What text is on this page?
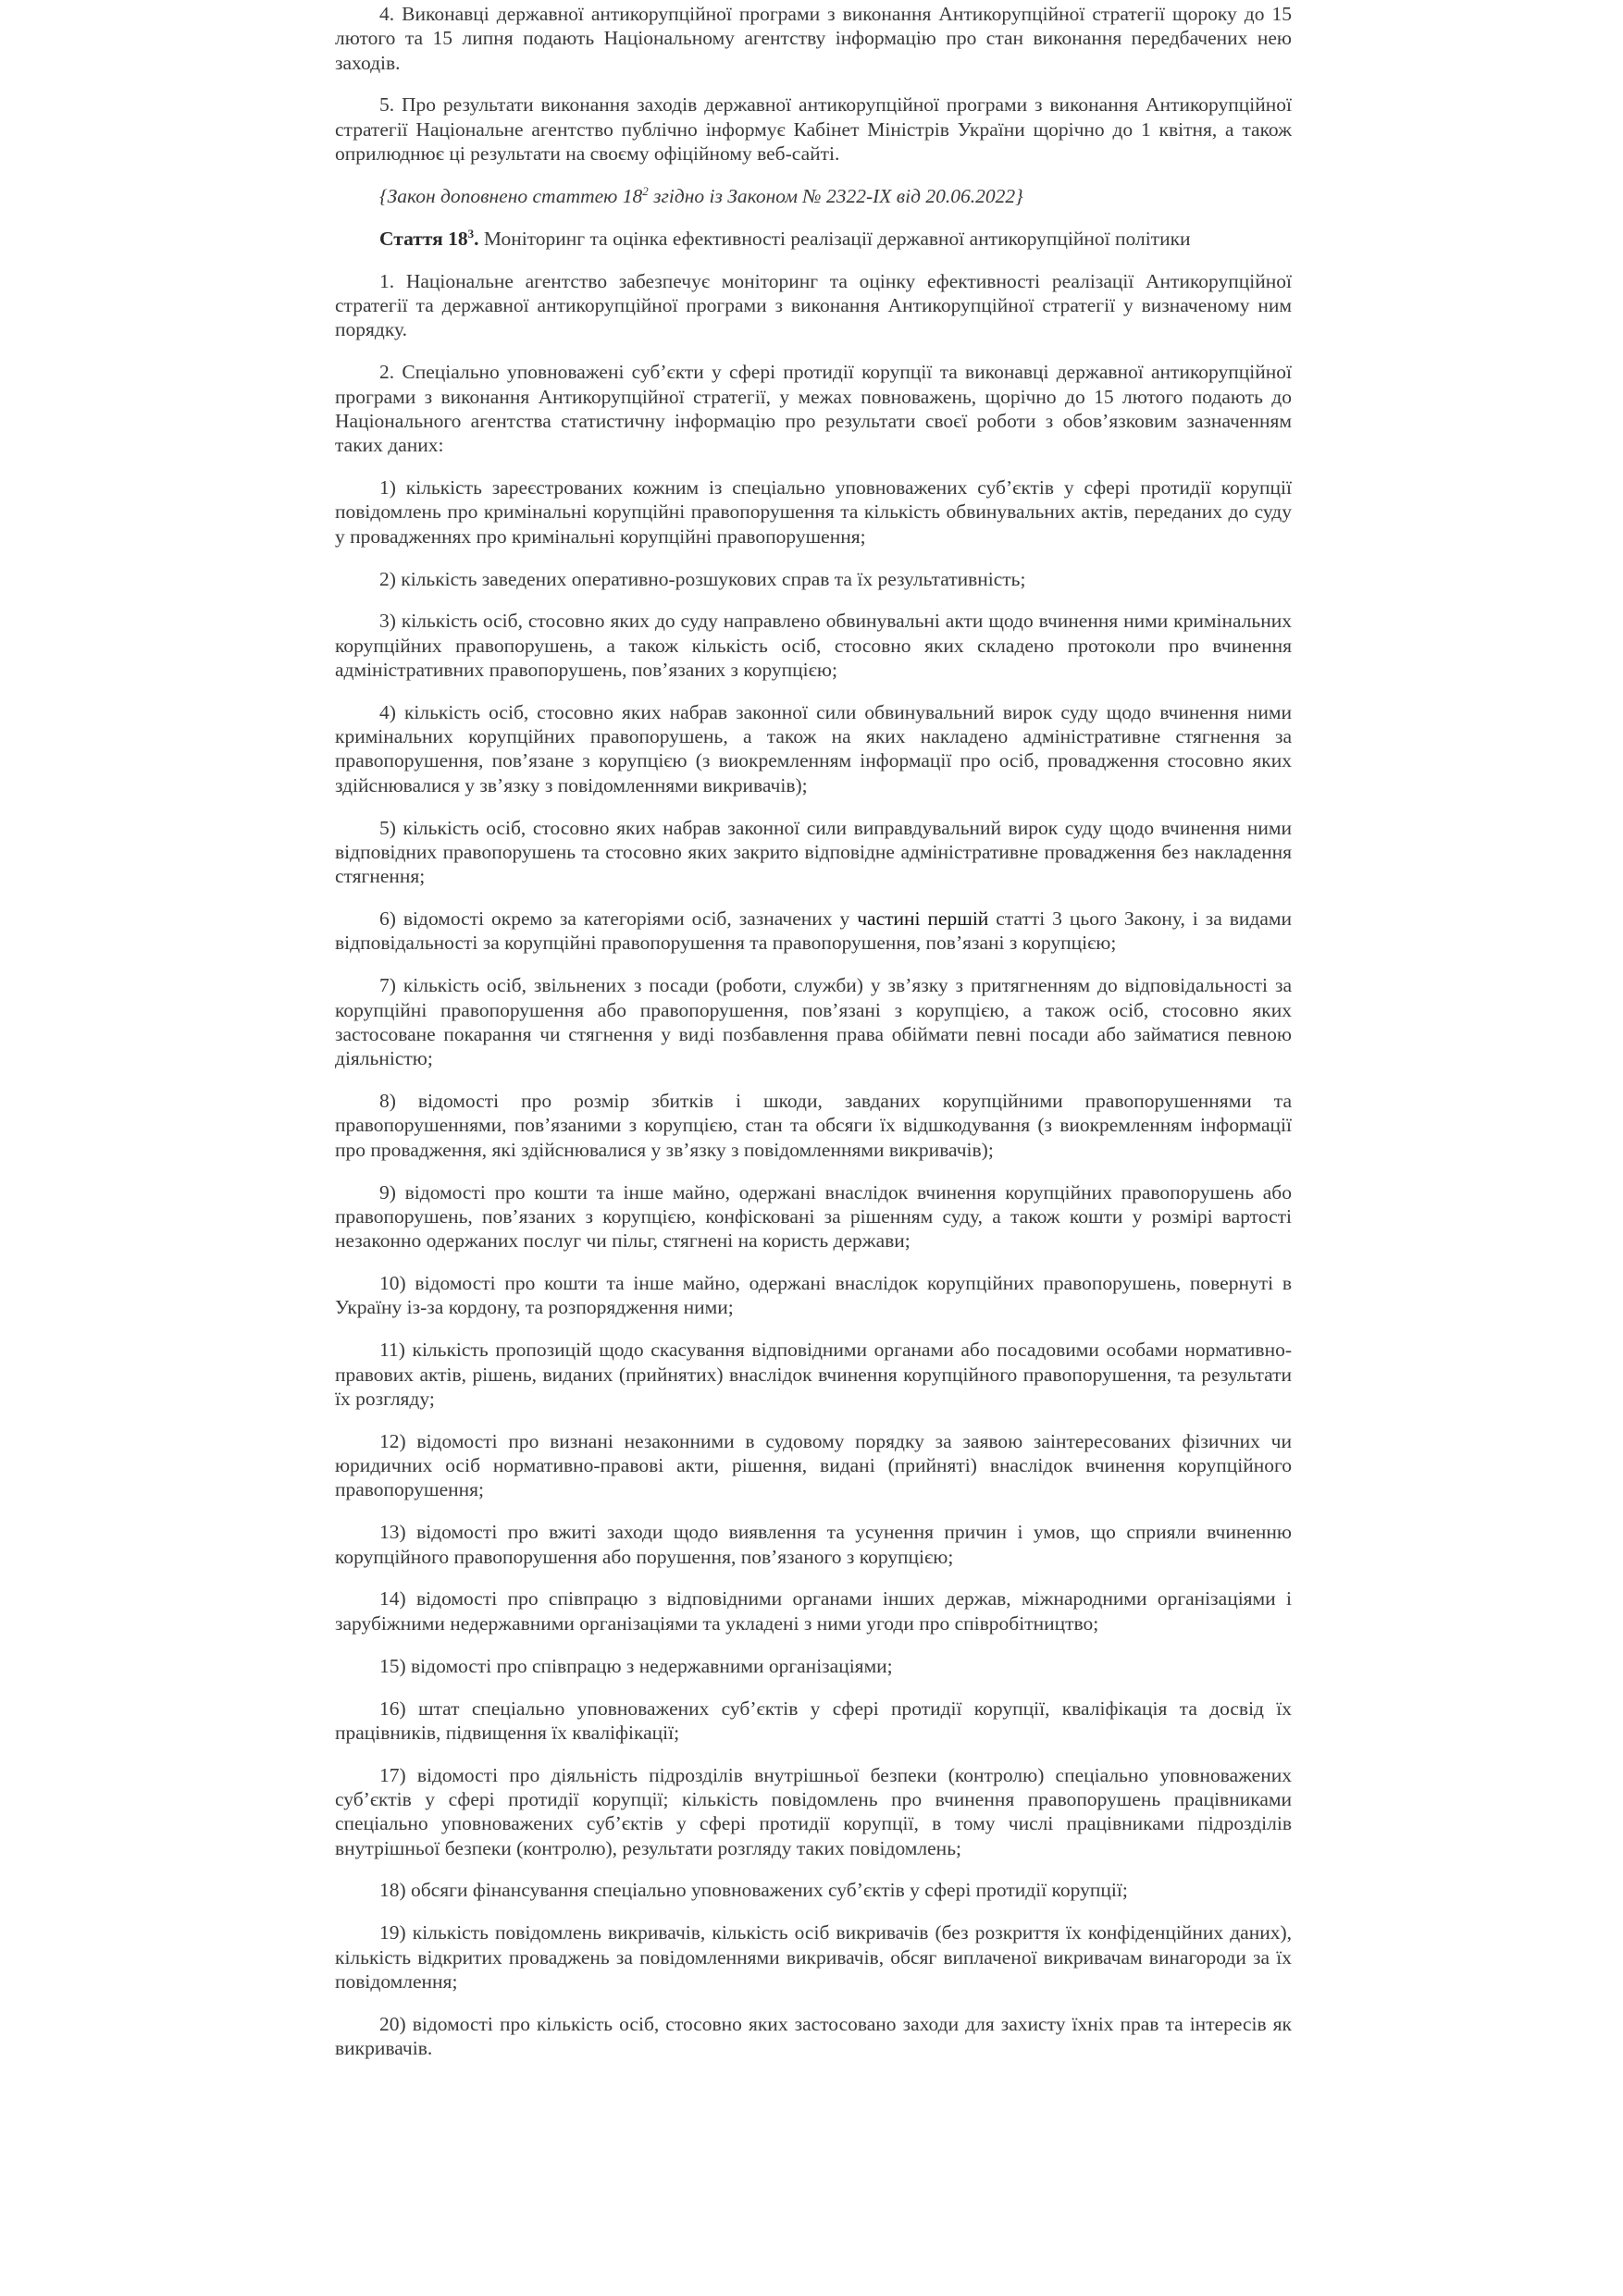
4. Виконавці державної антикорупційної програми з виконання Антикорупційної стратегії щороку до 15 лютого та 15 липня подають Національному агентству інформацію про стан виконання передбачених нею заходів.

5. Про результати виконання заходів державної антикорупційної програми з виконання Антикорупційної стратегії Національне агентство публічно інформує Кабінет Міністрів України щорічно до 1 квітня, а також оприлюднює ці результати на своєму офіційному веб-сайті.

{Закон доповнено статтею $18^2$ згідно із Законом № 2322-IX від 20.06.2022}

Стаття $18^3$. Моніторинг та оцінка ефективності реалізації державної антикорупційної політики

1. Національне агентство забезпечує моніторинг та оцінку ефективності реалізації Антикорупційної стратегії та державної антикорупційної програми з виконання Антикорупційної стратегії у визначеному ним порядку.

2. Спеціально уповноважені суб’єкти у сфері протидії корупції та виконавці державної антикорупційної програми з виконання Антикорупційної стратегії, у межах повноважень, щорічно до 15 лютого подають до Національного агентства статистичну інформацію про результати своєї роботи з обов’язковим зазначенням таких даних:

1) кількість зареєстрованих кожним із спеціально уповноважених суб’єктів у сфері протидії корупції повідомлень про кримінальні корупційні правопорушення та кількість обвинувальних актів, переданих до суду у провадженнях про кримінальні корупційні правопорушення;

2) кількість заведених оперативно-розшукових справ та їх результативність;

3) кількість осіб, стосовно яких до суду направлено обвинувальні акти щодо вчинення ними кримінальних корупційних правопорушень, а також кількість осіб, стосовно яких складено протоколи про вчинення адміністративних правопорушень, пов’язаних з корупцією;

4) кількість осіб, стосовно яких набрав законної сили обвинувальний вирок суду щодо вчинення ними кримінальних корупційних правопорушень, а також на яких накладено адміністративне стягнення за правопорушення, пов’язане з корупцією (з виокремленням інформації про осіб, провадження стосовно яких здійснювалися у зв’язку з повідомленнями викривачів);

5) кількість осіб, стосовно яких набрав законної сили виправдувальний вирок суду щодо вчинення ними відповідних правопорушень та стосовно яких закрито відповідне адміністративне провадження без накладення стягнення;

6) відомості окремо за категоріями осіб, зазначених у частині першій статті 3 цього Закону, і за видами відповідальності за корупційні правопорушення та правопорушення, пов’язані з корупцією;

7) кількість осіб, звільнених з посади (роботи, служби) у зв’язку з притягненням до відповідальності за корупційні правопорушення або правопорушення, пов’язані з корупцією, а також осіб, стосовно яких застосоване покарання чи стягнення у виді позбавлення права обіймати певні посади або займатися певною діяльністю;

8) відомості про розмір збитків і шкоди, завданих корупційними правопорушеннями та правопорушеннями, пов’язаними з корупцією, стан та обсяги їх відшкодування (з виокремленням інформації про провадження, які здійснювалися у зв’язку з повідомленнями викривачів);

9) відомості про кошти та інше майно, одержані внаслідок вчинення корупційних правопорушень або правопорушень, пов’язаних з корупцією, конфісковані за рішенням суду, а також кошти у розмірі вартості незаконно одержаних послуг чи пільг, стягнені на користь держави;

10) відомості про кошти та інше майно, одержані внаслідок корупційних правопорушень, повернуті в Україну із-за кордону, та розпорядження ними;

11) кількість пропозицій щодо скасування відповідними органами або посадовими особами нормативно-правових актів, рішень, виданих (прийнятих) внаслідок вчинення корупційного правопорушення, та результати їх розгляду;

12) відомості про визнані незаконними в судовому порядку за заявою заінтересованих фізичних чи юридичних осіб нормативно-правові акти, рішення, видані (прийняті) внаслідок вчинення корупційного правопорушення;

13) відомості про вжиті заходи щодо виявлення та усунення причин і умов, що сприяли вчиненню корупційного правопорушення або порушення, пов’язаного з корупцією;

14) відомості про співпрацю з відповідними органами інших держав, міжнародними організаціями і зарубіжними недержавними організаціями та укладені з ними угоди про співробітництво;

15) відомості про співпрацю з недержавними організаціями;

16) штат спеціально уповноважених суб’єктів у сфері протидії корупції, кваліфікація та досвід їх працівників, підвищення їх кваліфікації;

17) відомості про діяльність підрозділів внутрішньої безпеки (контролю) спеціально уповноважених суб’єктів у сфері протидії корупції; кількість повідомлень про вчинення правопорушень працівниками спеціально уповноважених суб’єктів у сфері протидії корупції, в тому числі працівниками підрозділів внутрішньої безпеки (контролю), результати розгляду таких повідомлень;

18) обсяги фінансування спеціально уповноважених суб’єктів у сфері протидії корупції;

19) кількість повідомлень викривачів, кількість осіб викривачів (без розкриття їх конфіденційних даних), кількість відкритих проваджень за повідомленнями викривачів, обсяг виплаченої викривачам винагороди за їх повідомлення;

20) відомості про кількість осіб, стосовно яких застосовано заходи для захисту їхніх прав та інтересів як викривачів.
